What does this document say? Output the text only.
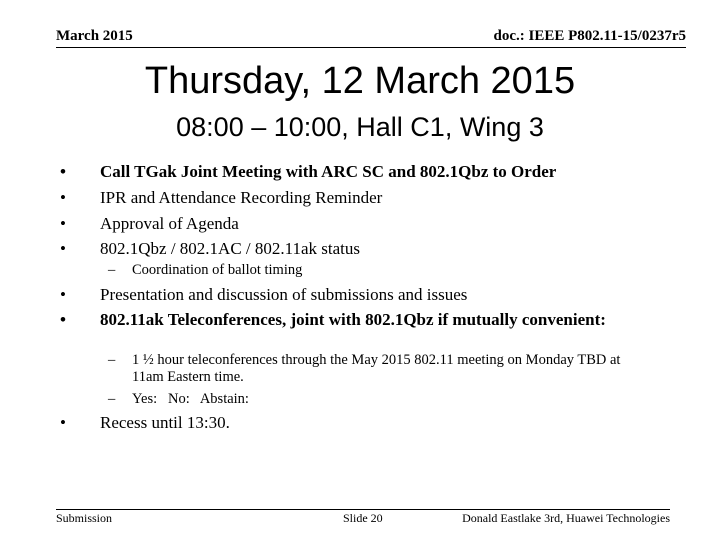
March 2015	doc.: IEEE P802.11-15/0237r5
Thursday, 12 March 2015
08:00 – 10:00, Hall C1, Wing 3
•	Call TGak Joint Meeting with ARC SC and 802.1Qbz to Order
•	IPR and Attendance Recording Reminder
•	Approval of Agenda
•	802.1Qbz / 802.1AC / 802.11ak status
– Coordination of ballot timing
•	Presentation and discussion of submissions and issues
•	802.11ak Teleconferences, joint with 802.1Qbz if mutually convenient:
– 1 ½ hour teleconferences through the May 2015 802.11 meeting on Monday TBD at 11am Eastern time.
– Yes:   No:   Abstain:
•	Recess until 13:30.
Submission	Slide 20	Donald Eastlake 3rd, Huawei Technologies
